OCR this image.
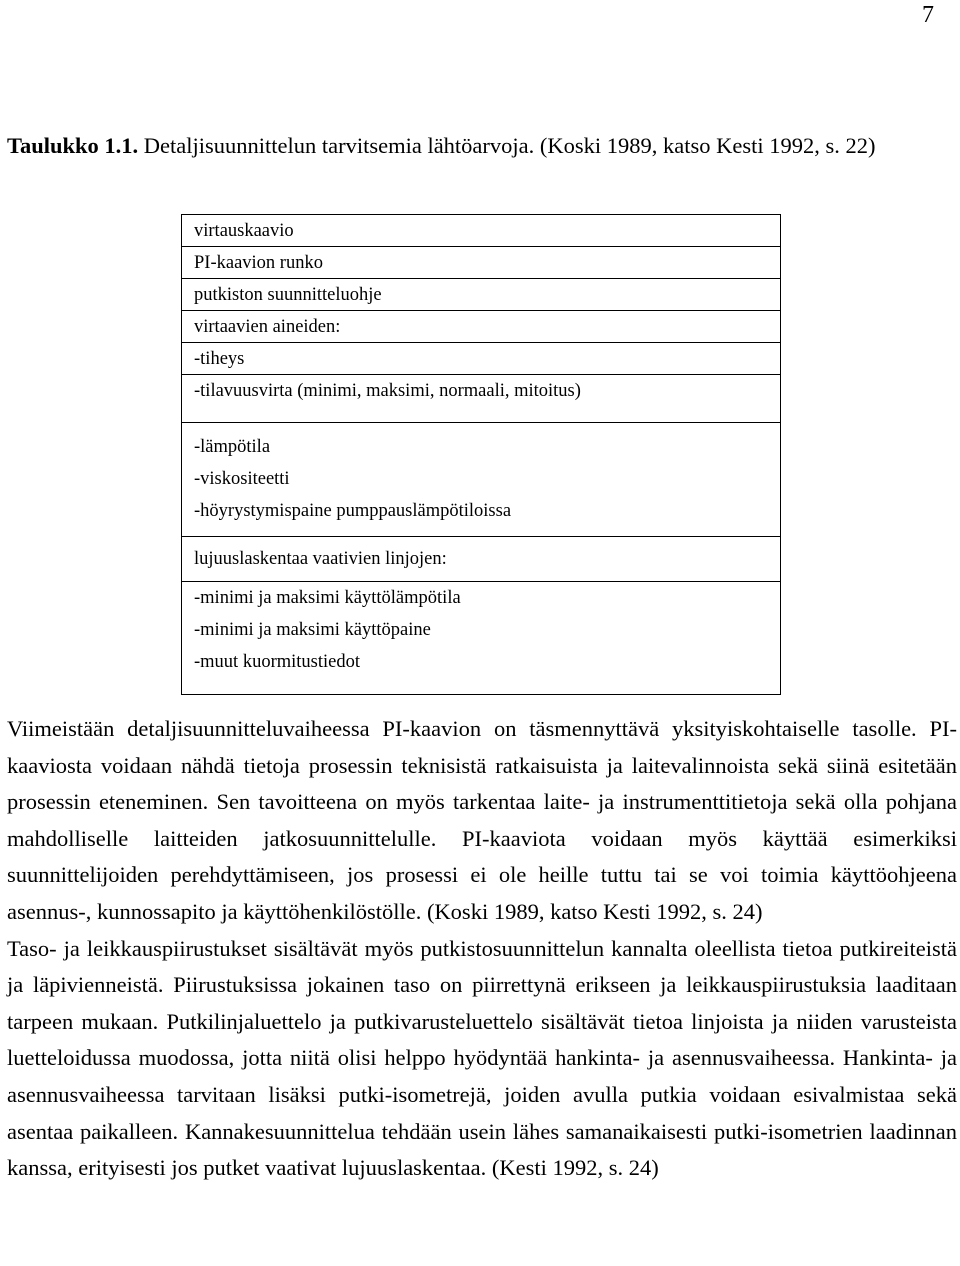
7
Taulukko 1.1. Detaljisuunnittelun tarvitsemia lähtöarvoja. (Koski 1989, katso Kesti 1992, s. 22)
virtauskaavio
PI-kaavion runko
putkiston suunnitteluohje
virtaavien aineiden:
-tiheys
-tilavuusvirta (minimi, maksimi, normaali, mitoitus)
-lämpötila
-viskositeetti
-höyrystymispaine pumppauslämpötiloissa
lujuuslaskentaa vaativien linjojen:
-minimi ja maksimi käyttölämpötila
-minimi ja maksimi käyttöpaine
-muut kuormitustiedot

Viimeistään detaljisuunnitteluvaiheessa PI-kaavion on täsmennyttävä yksityiskohtaiselle tasolle. PI-kaaviosta voidaan nähdä tietoja prosessin teknisistä ratkaisuista ja laitevalinnoista sekä siinä esitetään prosessin eteneminen. Sen tavoitteena on myös tarkentaa laite- ja instrumenttitietoja sekä olla pohjana mahdolliselle laitteiden jatkosuunnittelulle. PI-kaaviota voidaan myös käyttää esimerkiksi suunnittelijoiden perehdyttämiseen, jos prosessi ei ole heille tuttu tai se voi toimia käyttöohjeena asennus-, kunnossapito ja käyttöhenkilöstölle. (Koski 1989, katso Kesti 1992, s. 24)

Taso- ja leikkauspiirustukset sisältävät myös putkistosuunnittelun kannalta oleellista tietoa putkireiteistä ja läpivienneistä. Piirustuksissa jokainen taso on piirrettynä erikseen ja leikkauspiirustuksia laaditaan tarpeen mukaan. Putkilinjaluettelo ja putkivarusteluettelo sisältävät tietoa linjoista ja niiden varusteista luetteloidussa muodossa, jotta niitä olisi helppo hyödyntää hankinta- ja asennusvaiheessa. Hankinta- ja asennusvaiheessa tarvitaan lisäksi putki-isometrejä, joiden avulla putkia voidaan esivalmistaa sekä asentaa paikalleen. Kannakesuunnittelua tehdään usein lähes samanaikaisesti putki-isometrien laadinnan kanssa, erityisesti jos putket vaativat lujuuslaskentaa. (Kesti 1992, s. 24)
